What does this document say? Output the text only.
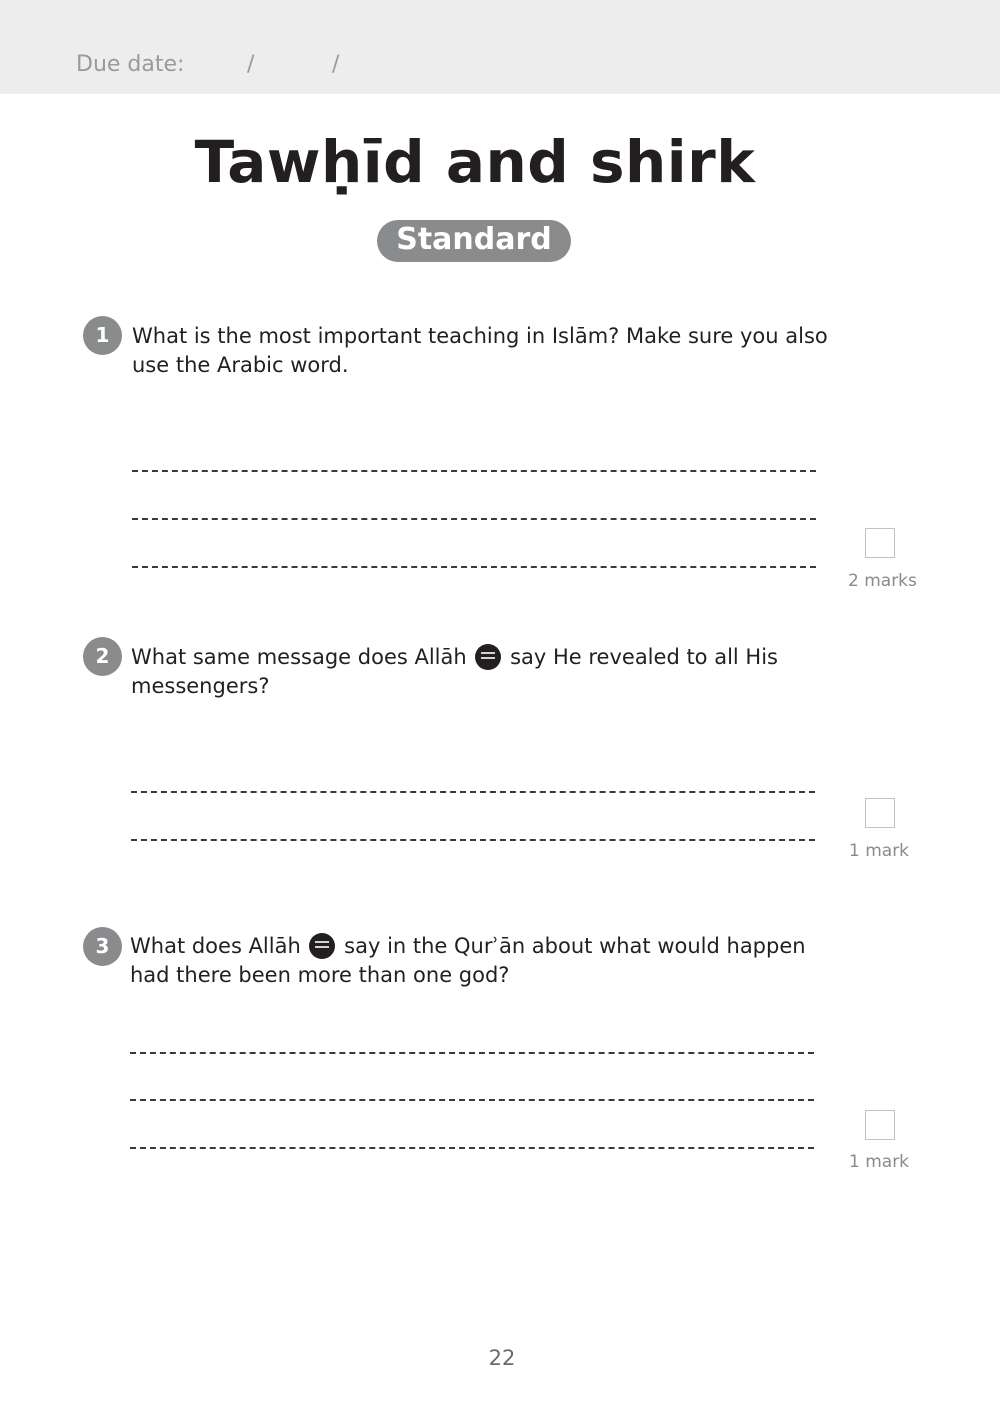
Due date:	/	/
Tawḥīd and shirk
Standard
1	What is the most important teaching in Islām? Make sure you also use the Arabic word.
2 marks
2	What same message does Allāh say He revealed to all His messengers?
1 mark
3 What does Allāh say in the Qurʾān about what would happen had there been more than one god?
1 mark
22
